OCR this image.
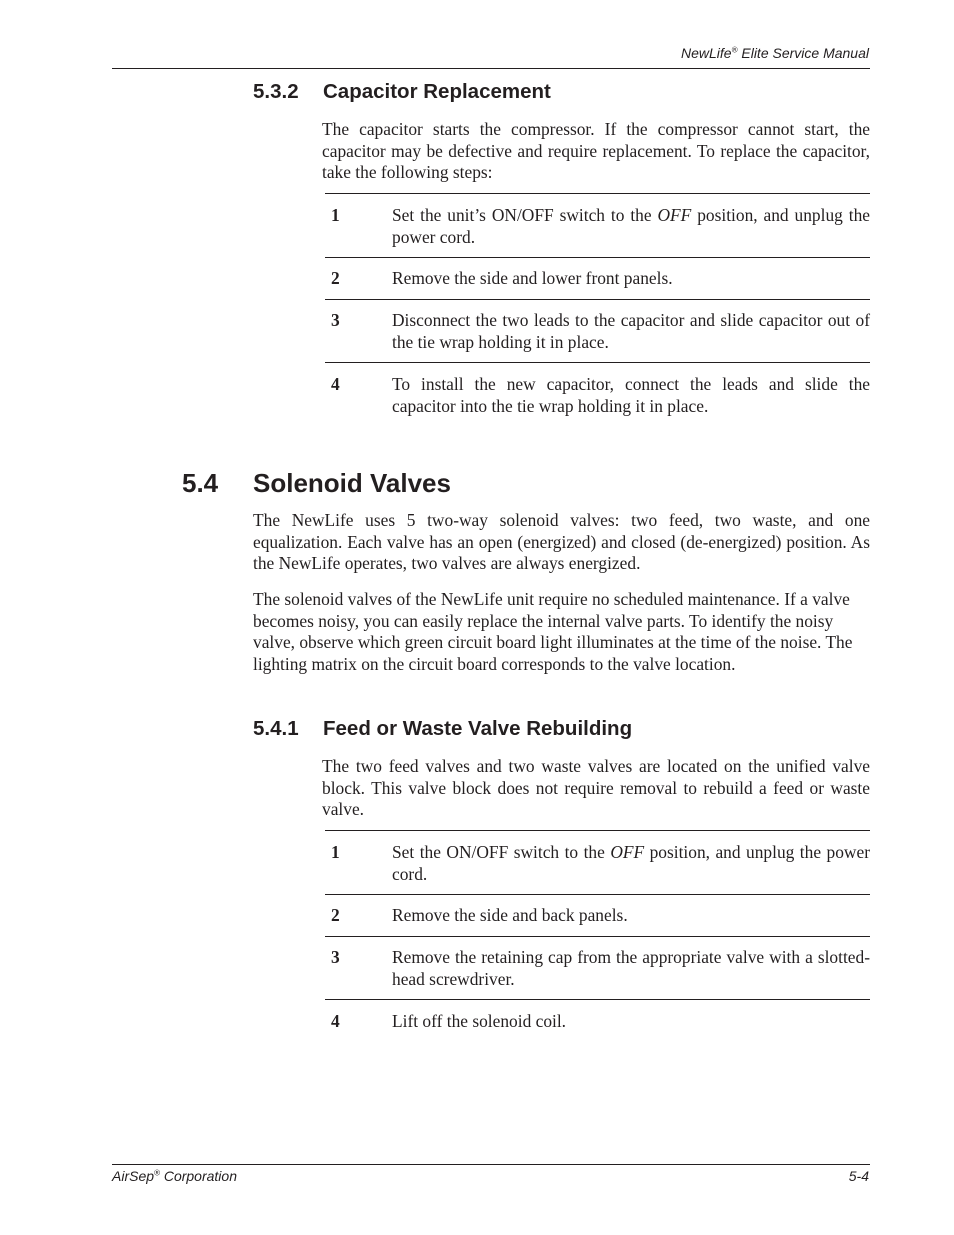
NewLife® Elite Service Manual
5.3.2 Capacitor Replacement
The capacitor starts the compressor. If the compressor cannot start, the capacitor may be defective and require replacement. To replace the capacitor, take the following steps:
1	Set the unit’s ON/OFF switch to the OFF position, and unplug the power cord.
2	Remove the side and lower front panels.
3	Disconnect the two leads to the capacitor and slide capacitor out of the tie wrap holding it in place.
4	To install the new capacitor, connect the leads and slide the capacitor into the tie wrap holding it in place.
5.4 Solenoid Valves
The NewLife uses 5 two-way solenoid valves: two feed, two waste, and one equalization. Each valve has an open (energized) and closed (de-energized) position. As the NewLife operates, two valves are always energized.
The solenoid valves of the NewLife unit require no scheduled maintenance. If a valve becomes noisy, you can easily replace the internal valve parts. To identify the noisy valve, observe which green circuit board light illuminates at the time of the noise. The lighting matrix on the circuit board corresponds to the valve location.
5.4.1 Feed or Waste Valve Rebuilding
The two feed valves and two waste valves are located on the unified valve block. This valve block does not require removal to rebuild a feed or waste valve.
1	Set the ON/OFF switch to the OFF position, and unplug the power cord.
2	Remove the side and back panels.
3	Remove the retaining cap from the appropriate valve with a slotted-head screwdriver.
4	Lift off the solenoid coil.
AirSep® Corporation	5-4
